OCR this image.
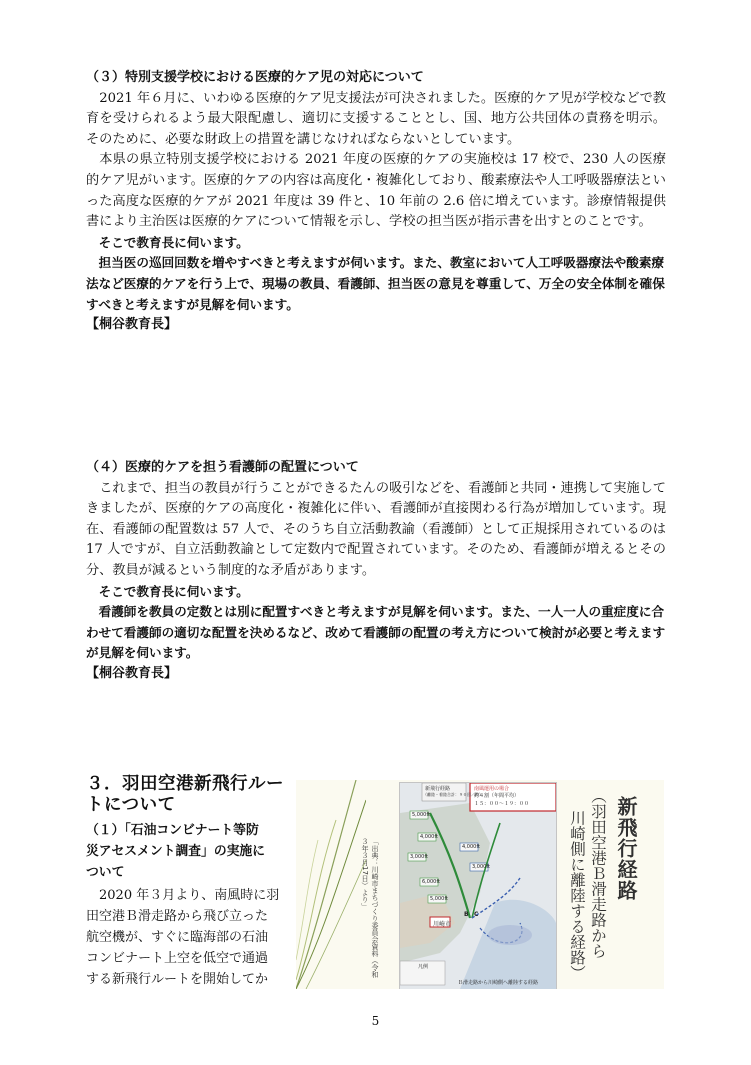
（３）特別支援学校における医療的ケア児の対応について

2021 年６月に、いわゆる医療的ケア児支援法が可決されました。医療的ケア児が学校などで教育を受けられるよう最大限配慮し、適切に支援することとし、国、地方公共団体の責務を明示。そのために、必要な財政上の措置を講じなければならないとしています。

本県の県立特別支援学校における 2021 年度の医療的ケアの実施校は 17 校で、230 人の医療的ケア児がいます。医療的ケアの内容は高度化・複雑化しており、酸素療法や人工呼吸器療法といった高度な医療的ケアが 2021 年度は 39 件と、10 年前の 2.6 倍に増えています。診療情報提供書により主治医は医療的ケアについて情報を示し、学校の担当医が指示書を出すとのことです。

そこで教育長に伺います。

担当医の巡回回数を増やすべきと考えますが伺います。また、教室において人工呼吸器療法や酸素療法など医療的ケアを行う上で、現場の教員、看護師、担当医の意見を尊重して、万全の安全体制を確保すべきと考えますが見解を伺います。

【桐谷教育長】
（４）医療的ケアを担う看護師の配置について

これまで、担当の教員が行うことができるたんの吸引などを、看護師と共同・連携して実施してきましたが、医療的ケアの高度化・複雑化に伴い、看護師が直接関わる行為が増加しています。現在、看護師の配置数は 57 人で、そのうち自立活動教諭（看護師）として正規採用されているのは 17 人ですが、自立活動教諭として定数内で配置されています。そのため、看護師が増えるとその分、教員が減るという制度的な矛盾があります。

そこで教育長に伺います。

看護師を教員の定数とは別に配置すべきと考えますが見解を伺います。また、一人一人の重症度に合わせて看護師の適切な配置を決めるなど、改めて看護師の配置の考え方について検討が必要と考えますが見解を伺います。

【桐谷教育長】
３．羽田空港新飛行ルー
トについて
（１）「石油コンビナート等防
災アセスメント調査」の実施に
ついて
　2020 年３月より、南風時に羽
田空港Ｂ滑走路から飛び立った
航空機が、すぐに臨海部の石油
コンビナート上空を低空で通過
する新飛行ルートを開始してか
「出典：川崎市まちづくり委員会資料（令和３年３月17日）より」
新飛行経路
（離陸・着陸合計：９０回／時）
南風運用の場合
約４割（年間平均）
１５：００〜１９：００
5,000ft
4,000ft
3,000ft
4,000ft
3,000ft
6,000ft
5,000ft
川崎市
B C
凡例
Ｂ滑走路から川崎側へ離陸する経路
新飛行経路
（羽田空港Ｂ滑走路から
川崎側に離陸する経路）
5
